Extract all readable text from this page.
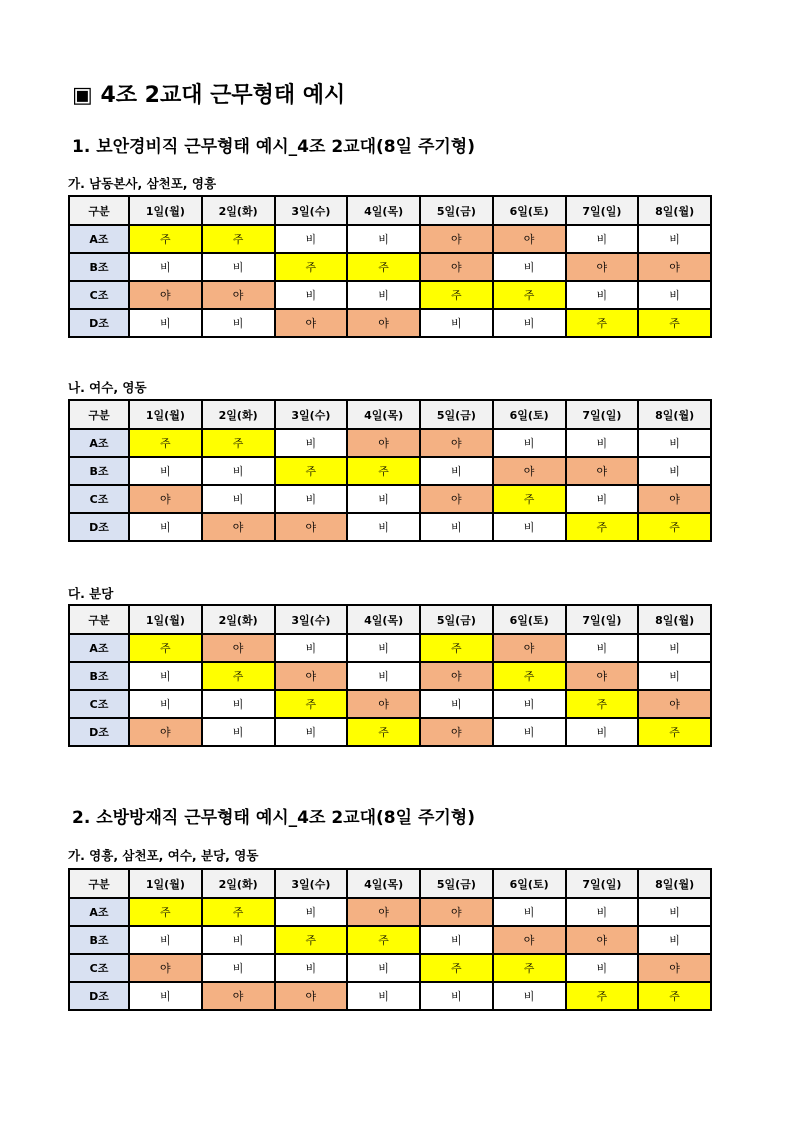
▣ 4조 2교대 근무형태 예시
1. 보안경비직 근무형태 예시_4조 2교대(8일 주기형)
가. 남동본사, 삼천포, 영흥
구분	1일(월)	2일(화)	3일(수)	4일(목)	5일(금)	6일(토)	7일(일)	8일(월)
A조	주	주	비	비	야	야	비	비
B조	비	비	주	주	야	비	야	야
C조	야	야	비	비	주	주	비	비
D조	비	비	야	야	비	비	주	주
나. 여수, 영동
구분	1일(월)	2일(화)	3일(수)	4일(목)	5일(금)	6일(토)	7일(일)	8일(월)
A조	주	주	비	야	야	비	비	비
B조	비	비	주	주	비	야	야	비
C조	야	비	비	비	야	주	비	야
D조	비	야	야	비	비	비	주	주
다. 분당
구분	1일(월)	2일(화)	3일(수)	4일(목)	5일(금)	6일(토)	7일(일)	8일(월)
A조	주	야	비	비	주	야	비	비
B조	비	주	야	비	야	주	야	비
C조	비	비	주	야	비	비	주	야
D조	야	비	비	주	야	비	비	주
2. 소방방재직 근무형태 예시_4조 2교대(8일 주기형)
가. 영흥, 삼천포, 여수, 분당, 영동
구분	1일(월)	2일(화)	3일(수)	4일(목)	5일(금)	6일(토)	7일(일)	8일(월)
A조	주	주	비	야	야	비	비	비
B조	비	비	주	주	비	야	야	비
C조	야	비	비	비	주	주	비	야
D조	비	야	야	비	비	비	주	주
